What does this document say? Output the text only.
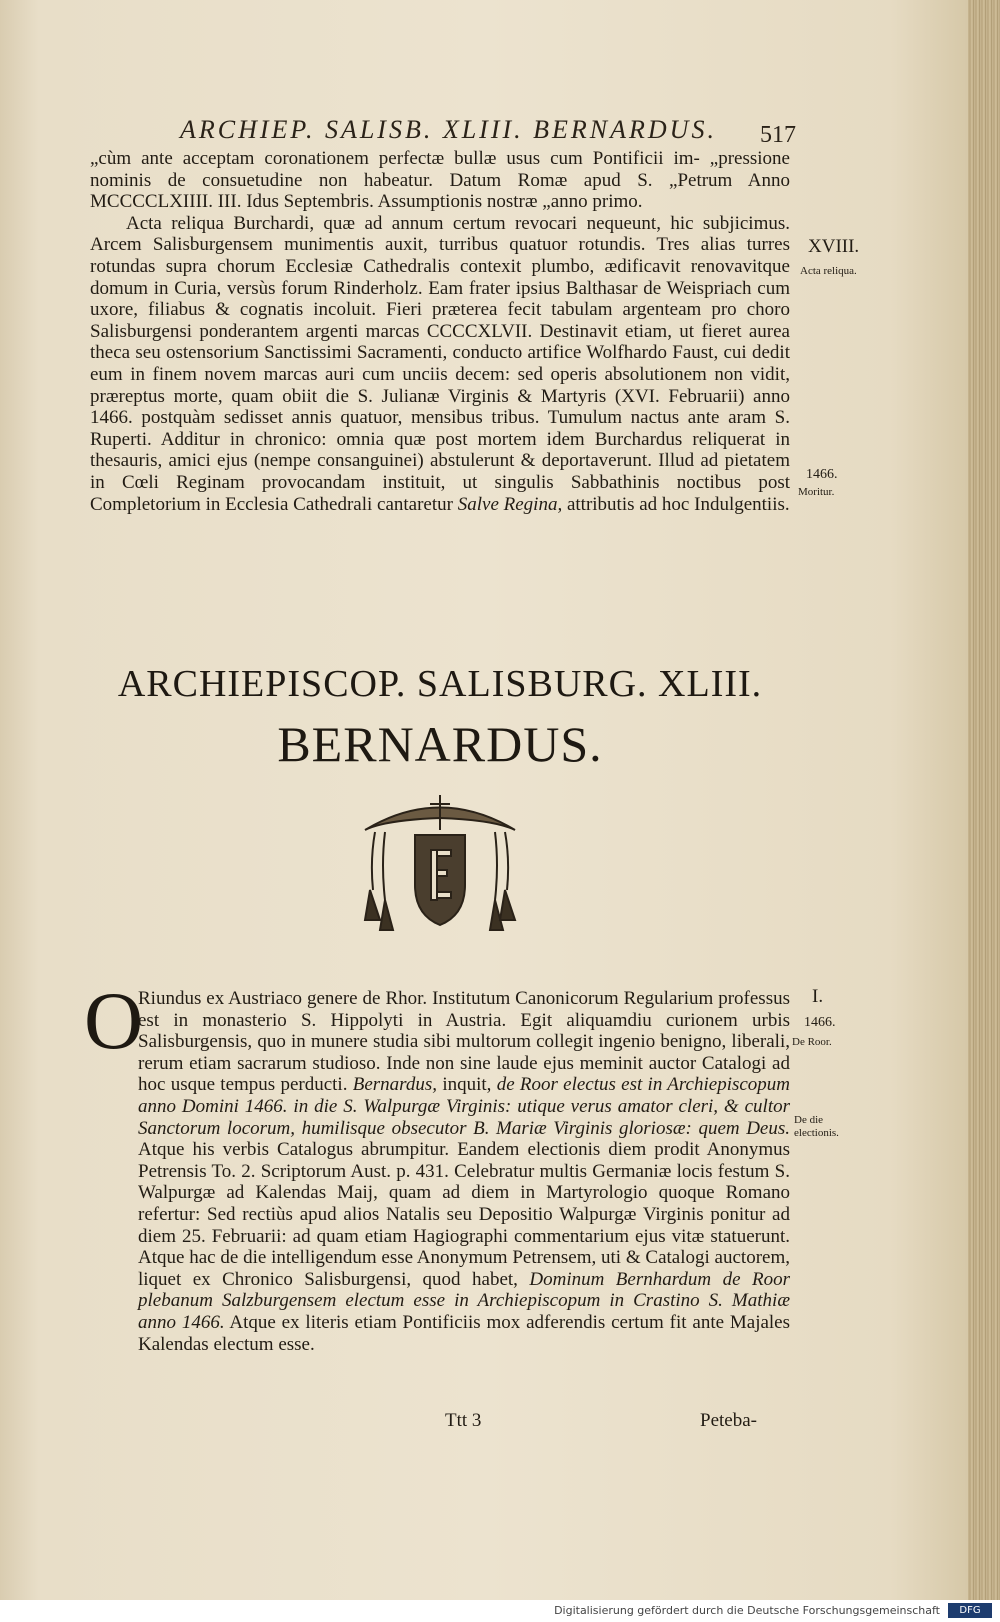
ARCHIEP. SALISB. XLIII. BERNARDUS. 517

„cùm ante acceptam coronationem perfectæ bullæ usus cum Pontificii im- „pressione nominis de consuetudine non habeatur. Datum Romæ apud S. „Petrum Anno MCCCCLXIIII. III. Idus Septembris. Assumptionis nostræ „anno primo.

Acta reliqua Burchardi, quæ ad annum certum revocari nequeunt, hic subjicimus. Arcem Salisburgensem munimentis auxit, turribus quatuor rotundis. Tres alias turres rotundas supra chorum Ecclesiæ Cathedralis contexit plumbo, ædificavit renovavitque domum in Curia, versùs forum Rinderholz. Eam frater ipsius Balthasar de Weispriach cum uxore, filiabus & cognatis incoluit. Fieri præterea fecit tabulam argenteam pro choro Salisburgensi ponderantem argenti marcas CCCCXLVII. Destinavit etiam, ut fieret aurea theca seu ostensorium Sanctissimi Sacramenti, conducto artifice Wolfhardo Faust, cui dedit eum in finem novem marcas auri cum unciis decem: sed operis absolutionem non vidit, præreptus morte, quam obiit die S. Julianæ Virginis & Martyris (XVI. Februarii) anno 1466. postquàm sedisset annis quatuor, mensibus tribus. Tumulum nactus ante aram S. Ruperti. Additur in chronico: omnia quæ post mortem idem Burchardus reliquerat in thesauris, amici ejus (nempe consanguinei) abstulerunt & deportaverunt. Illud ad pietatem in Cœli Reginam provocandam instituit, ut singulis Sabbathinis noctibus post Completorium in Ecclesia Cathedrali cantaretur Salve Regina, attributis ad hoc Indulgentiis.

XVIII.
Acta reliqua.
1466.
Moritur.
ARCHIEPISCOP. SALISBURG. XLIII.
BERNARDUS.
O

Riundus ex Austriaco genere de Rhor. Institutum Canonicorum Regularium professus est in monasterio S. Hippolyti in Austria. Egit aliquamdiu curionem urbis Salisburgensis, quo in munere studia sibi multorum collegit ingenio benigno, liberali, rerum etiam sacrarum studioso. Inde non sine laude ejus meminit auctor Catalogi ad hoc usque tempus perducti. Bernardus, inquit, de Roor electus est in Archiepiscopum anno Domini 1466. in die S. Walpurgæ Virginis: utique verus amator cleri, & cultor Sanctorum locorum, humilisque obsecutor B. Mariæ Virginis gloriosæ: quem Deus. Atque his verbis Catalogus abrumpitur. Eandem electionis diem prodit Anonymus Petrensis To. 2. Scriptorum Aust. p. 431. Celebratur multis Germaniæ locis festum S. Walpurgæ ad Kalendas Maij, quam ad diem in Martyrologio quoque Romano refertur: Sed rectiùs apud alios Natalis seu Depositio Walpurgæ Virginis ponitur ad diem 25. Februarii: ad quam etiam Hagiographi commentarium ejus vitæ statuerunt. Atque hac de die intelligendum esse Anonymum Petrensem, uti & Catalogi auctorem, liquet ex Chronico Salisburgensi, quod habet, Dominum Bernhardum de Roor plebanum Salzburgensem electum esse in Archiepiscopum in Crastino S. Mathiæ anno 1466. Atque ex literis etiam Pontificiis mox adferendis certum fit ante Majales Kalendas electum esse.

I.
1466.
De Roor.
De die electionis.
Ttt 3	Peteba-
Digitalisierung gefördert durch die Deutsche Forschungsgemeinschaft	DFG
